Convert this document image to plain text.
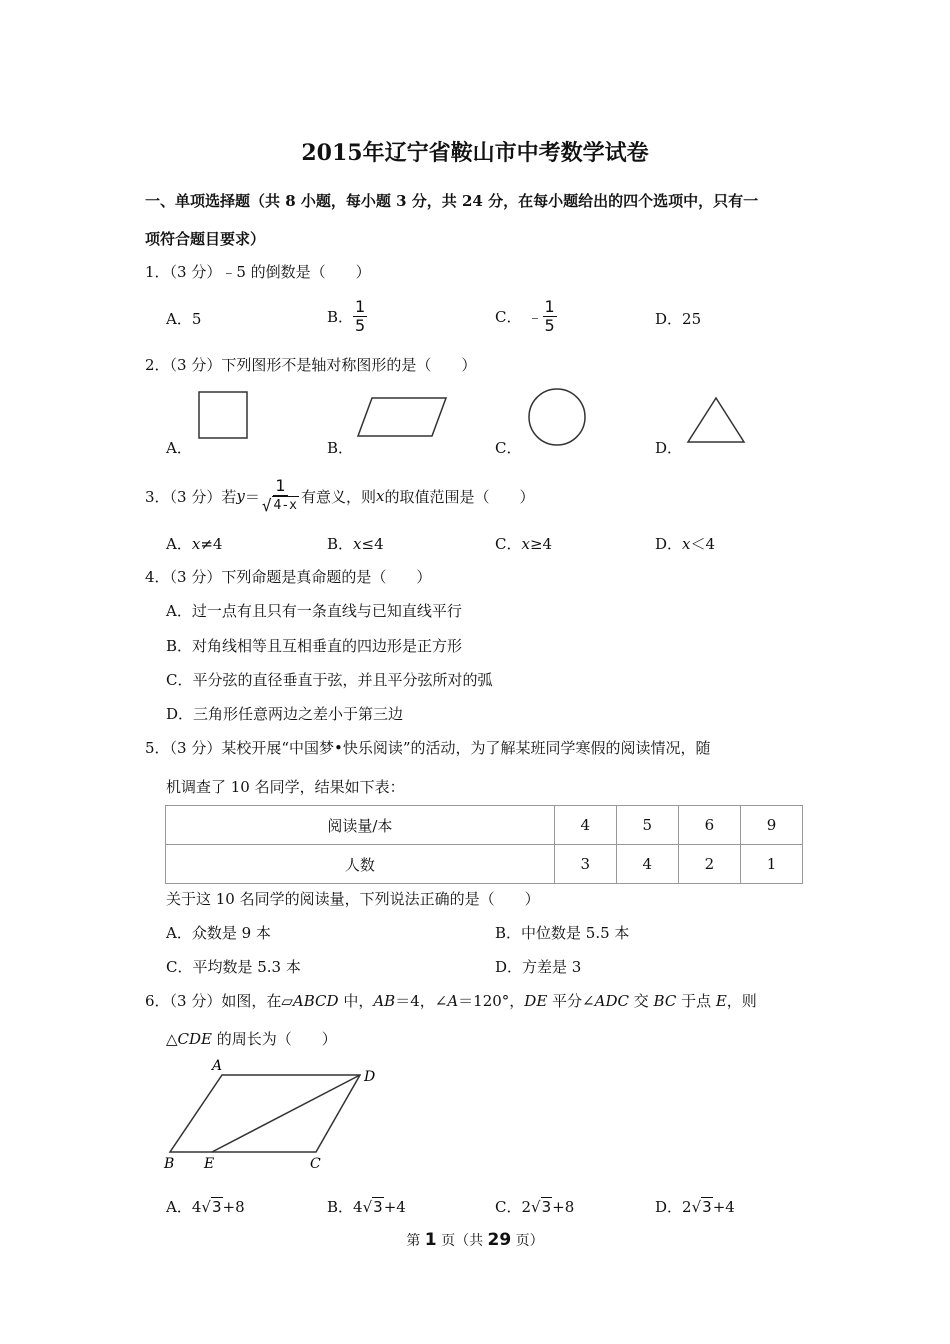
2015年辽宁省鞍山市中考数学试卷
一、单项选择题（共 8 小题，每小题 3 分，共 24 分，在每小题给出的四个选项中，只有一
项符合题目要求）
1．（3 分）﹣5 的倒数是（　　）
A．5	B． $\frac{1}{5}$	C． ﹣ $\frac{1}{5}$	D．25
2．（3 分）下列图形不是轴对称图形的是（　　）
A．	B．	C．	D．
3．（3 分）若 $y = \frac{1}{√ 4-x}$ 有意义，则 x 的取值范围是（　　）
A．x≠4	B．x≤4	C．x≥4	D．x＜4
4．（3 分）下列命题是真命题的是（　　）
A．过一点有且只有一条直线与已知直线平行
B．对角线相等且互相垂直的四边形是正方形
C．平分弦的直径垂直于弦，并且平分弦所对的弧
D．三角形任意两边之差小于第三边
5．（3 分）某校开展“中国梦•快乐阅读”的活动，为了解某班同学寒假的阅读情况，随
机调查了 10 名同学，结果如下表：
阅读量/本	4	5	6	9
人数	3	4	2	1
关于这 10 名同学的阅读量，下列说法正确的是（　　）
A．众数是 9 本	B．中位数是 5.5 本
C．平均数是 5.3 本	D．方差是 3
6．（3 分）如图，在▱ABCD 中，AB＝4，∠A＝120°，DE 平分∠ADC 交 BC 于点 E，则
△CDE 的周长为（　　）
A
D
B E	C
A．4√3+8	B．4√3+4	C．2√3+8	D．2√3+4
第 1 页（共 29 页）
